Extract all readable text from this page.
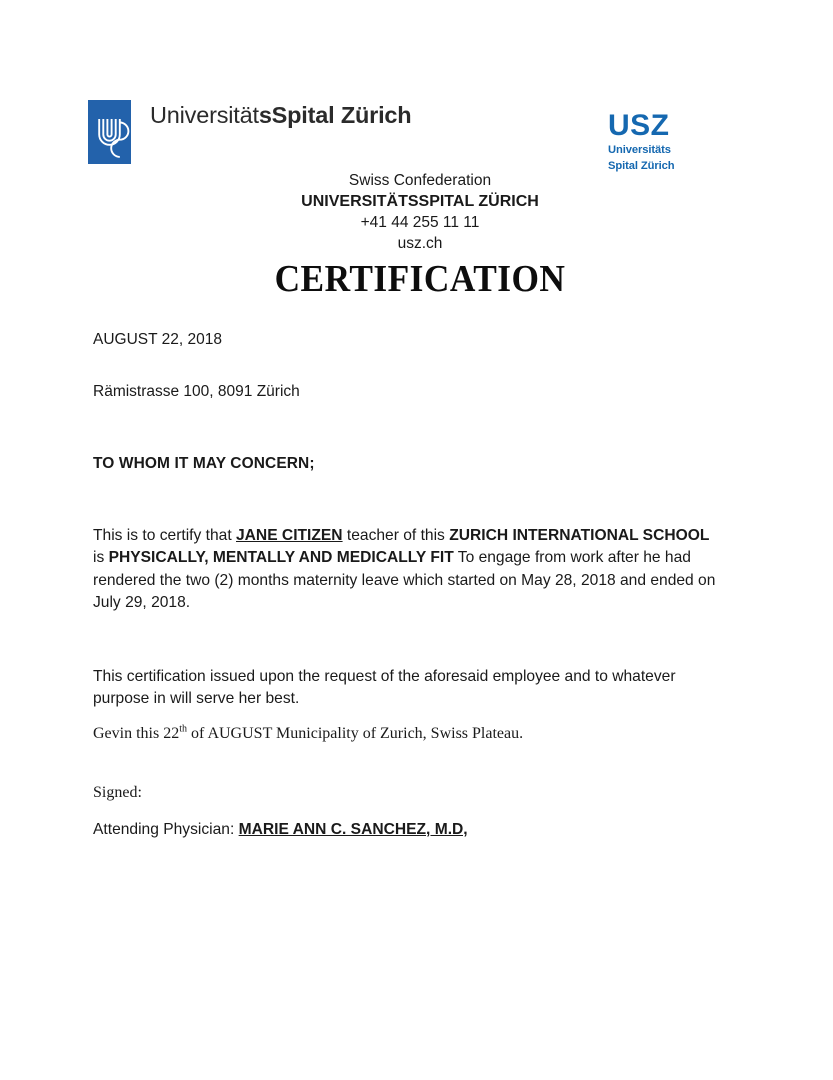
UniversitätsSpital Zürich	USZ
Universitäts
Spital Zürich
Swiss Confederation
UNIVERSITÄTSSPITAL ZÜRICH
+41 44 255 11 11
usz.ch
CERTIFICATION
AUGUST 22, 2018
Rämistrasse 100, 8091 Zürich
TO WHOM IT MAY CONCERN;

This is to certify that JANE CITIZEN teacher of this ZURICH INTERNATIONAL SCHOOL is PHYSICALLY, MENTALLY AND MEDICALLY FIT To engage from work after he had rendered the two (2) months maternity leave which started on May 28, 2018 and ended on July 29, 2018.

This certification issued upon the request of the aforesaid employee and to whatever purpose in will serve her best.

Gevin this 22th of AUGUST Municipality of Zurich, Swiss Plateau.
Signed:
Attending Physician: MARIE ANN C. SANCHEZ, M.D,
